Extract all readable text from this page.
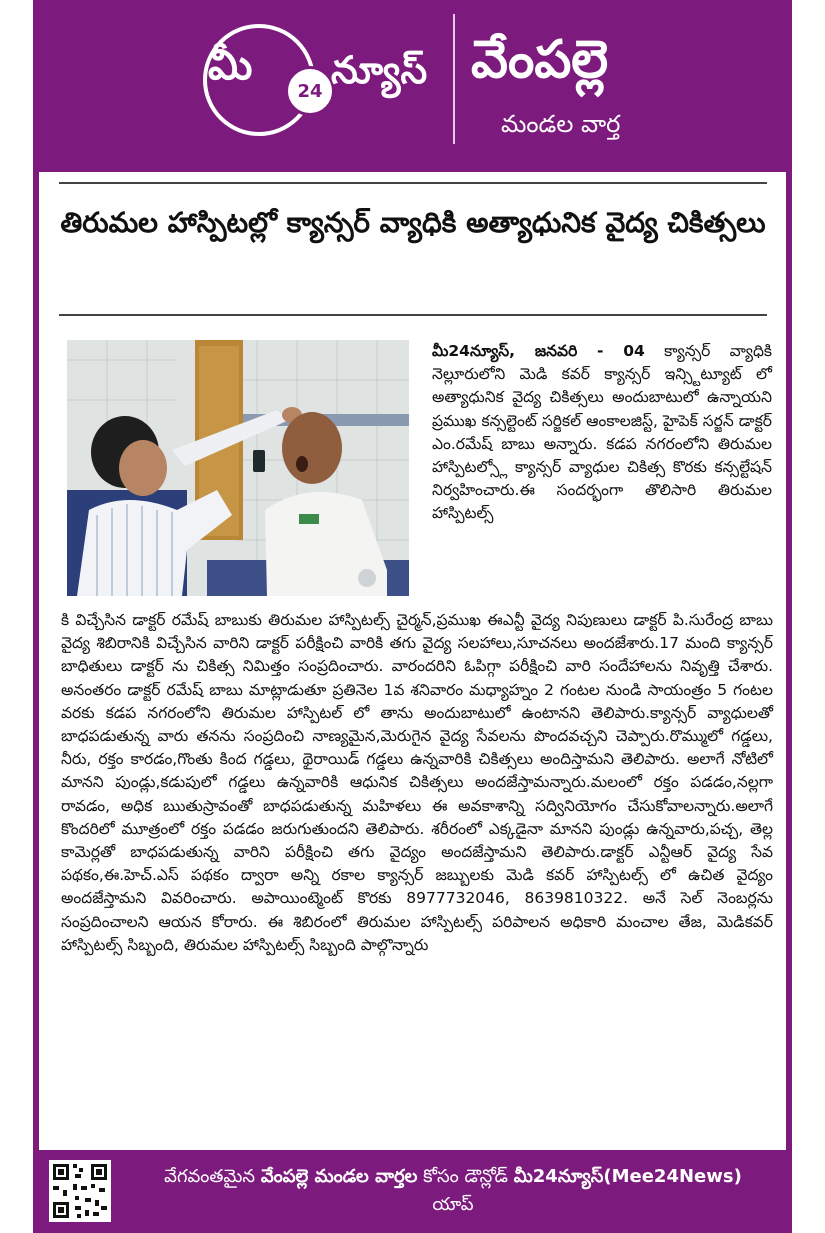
మీ
24 న్యూస్ వేంపల్లె
మండల వార్త
తిరుమల హాస్పిటల్లో క్యాన్సర్ వ్యాధికి అత్యాధునిక వైద్య చికిత్సలు
మీ24న్యూస్, జనవరి - 04 క్యాన్సర్ వ్యాధికి నెల్లూరులోని మెడి కవర్ క్యాన్సర్ ఇన్స్టిట్యూట్ లో అత్యాధునిక వైద్య చికిత్సలు అందుబాటులో ఉన్నాయని ప్రముఖ కన్సల్టెంట్ సర్జికల్ ఆంకాలజిస్ట్, హైపెక్ సర్జన్ డాక్టర్ ఎం.రమేష్ బాబు అన్నారు. కడప నగరంలోని తిరుమల హాస్పిటల్స్లో క్యాన్సర్ వ్యాధుల చికిత్స కొరకు కన్సల్టేషన్ నిర్వహించారు.ఈ సందర్భంగా తొలిసారి తిరుమల హాస్పిటల్స్
కి విచ్చేసిన డాక్టర్ రమేష్ బాబుకు తిరుమల హాస్పిటల్స్ చైర్మన్,ప్రముఖ ఈఎన్టీ వైద్య నిపుణులు డాక్టర్ పి.సురేంద్ర బాబు వైద్య శిబిరానికి విచ్చేసిన వారిని డాక్టర్ పరీక్షించి వారికి తగు వైద్య సలహాలు,సూచనలు అందజేశారు.17 మంది క్యాన్సర్ బాధితులు డాక్టర్ ను చికిత్స నిమిత్తం సంప్రదించారు. వారందరిని ఓపిగ్గా పరీక్షించి వారి సందేహాలను నివృత్తి చేశారు. అనంతరం డాక్టర్ రమేష్ బాబు మాట్లాడుతూ ప్రతినెల 1వ శనివారం మధ్యాహ్నం 2 గంటల నుండి సాయంత్రం 5 గంటల వరకు కడప నగరంలోని తిరుమల హాస్పిటల్ లో తాను అందుబాటులో ఉంటానని తెలిపారు.క్యాన్సర్ వ్యాధులతో బాధపడుతున్న వారు తనను సంప్రదించి నాణ్యమైన,మెరుగైన వైద్య సేవలను పొందవచ్చని చెప్పారు.రొమ్ములో గడ్డలు, నీరు, రక్తం కారడం,గొంతు కింద గడ్డలు, థైరాయిడ్ గడ్డలు ఉన్నవారికి చికిత్సలు అందిస్తామని తెలిపారు. అలాగే నోటిలో మానని పుండ్లు,కడుపులో గడ్డలు ఉన్నవారికి ఆధునిక చికిత్సలు అందజేస్తామన్నారు.మలంలో రక్తం పడడం,నల్లగా రావడం, అధిక ఋతుస్రావంతో బాధపడుతున్న మహిళలు ఈ అవకాశాన్ని సద్వినియోగం చేసుకోవాలన్నారు.అలాగే కొందరిలో మూత్రంలో రక్తం పడడం జరుగుతుందని తెలిపారు. శరీరంలో ఎక్కడైనా మానని పుండ్లు ఉన్నవారు,పచ్చ, తెల్ల కామెర్లతో బాధపడుతున్న వారిని పరీక్షించి తగు వైద్యం అందజేస్తామని తెలిపారు.డాక్టర్ ఎన్టీఆర్ వైద్య సేవ పథకం,ఈ.హెచ్.ఎస్ పథకం ద్వారా అన్ని రకాల క్యాన్సర్ జబ్బులకు మెడి కవర్ హాస్పిటల్స్ లో ఉచిత వైద్యం అందజేస్తామని వివరించారు. అపాయింట్మెంట్ కొరకు 8977732046, 8639810322. అనే సెల్ నెంబర్లను సంప్రదించాలని ఆయన కోరారు. ఈ శిబిరంలో తిరుమల హాస్పిటల్స్ పరిపాలన అధికారి మంచాల తేజ, మెడికవర్ హాస్పిటల్స్ సిబ్బంది, తిరుమల హాస్పిటల్స్ సిబ్బంది పాల్గొన్నారు
వేగవంతమైన వేంపల్లె మండల వార్తల కోసం డౌన్లోడ్ మీ24న్యూస్(Mee24News)
యాప్
